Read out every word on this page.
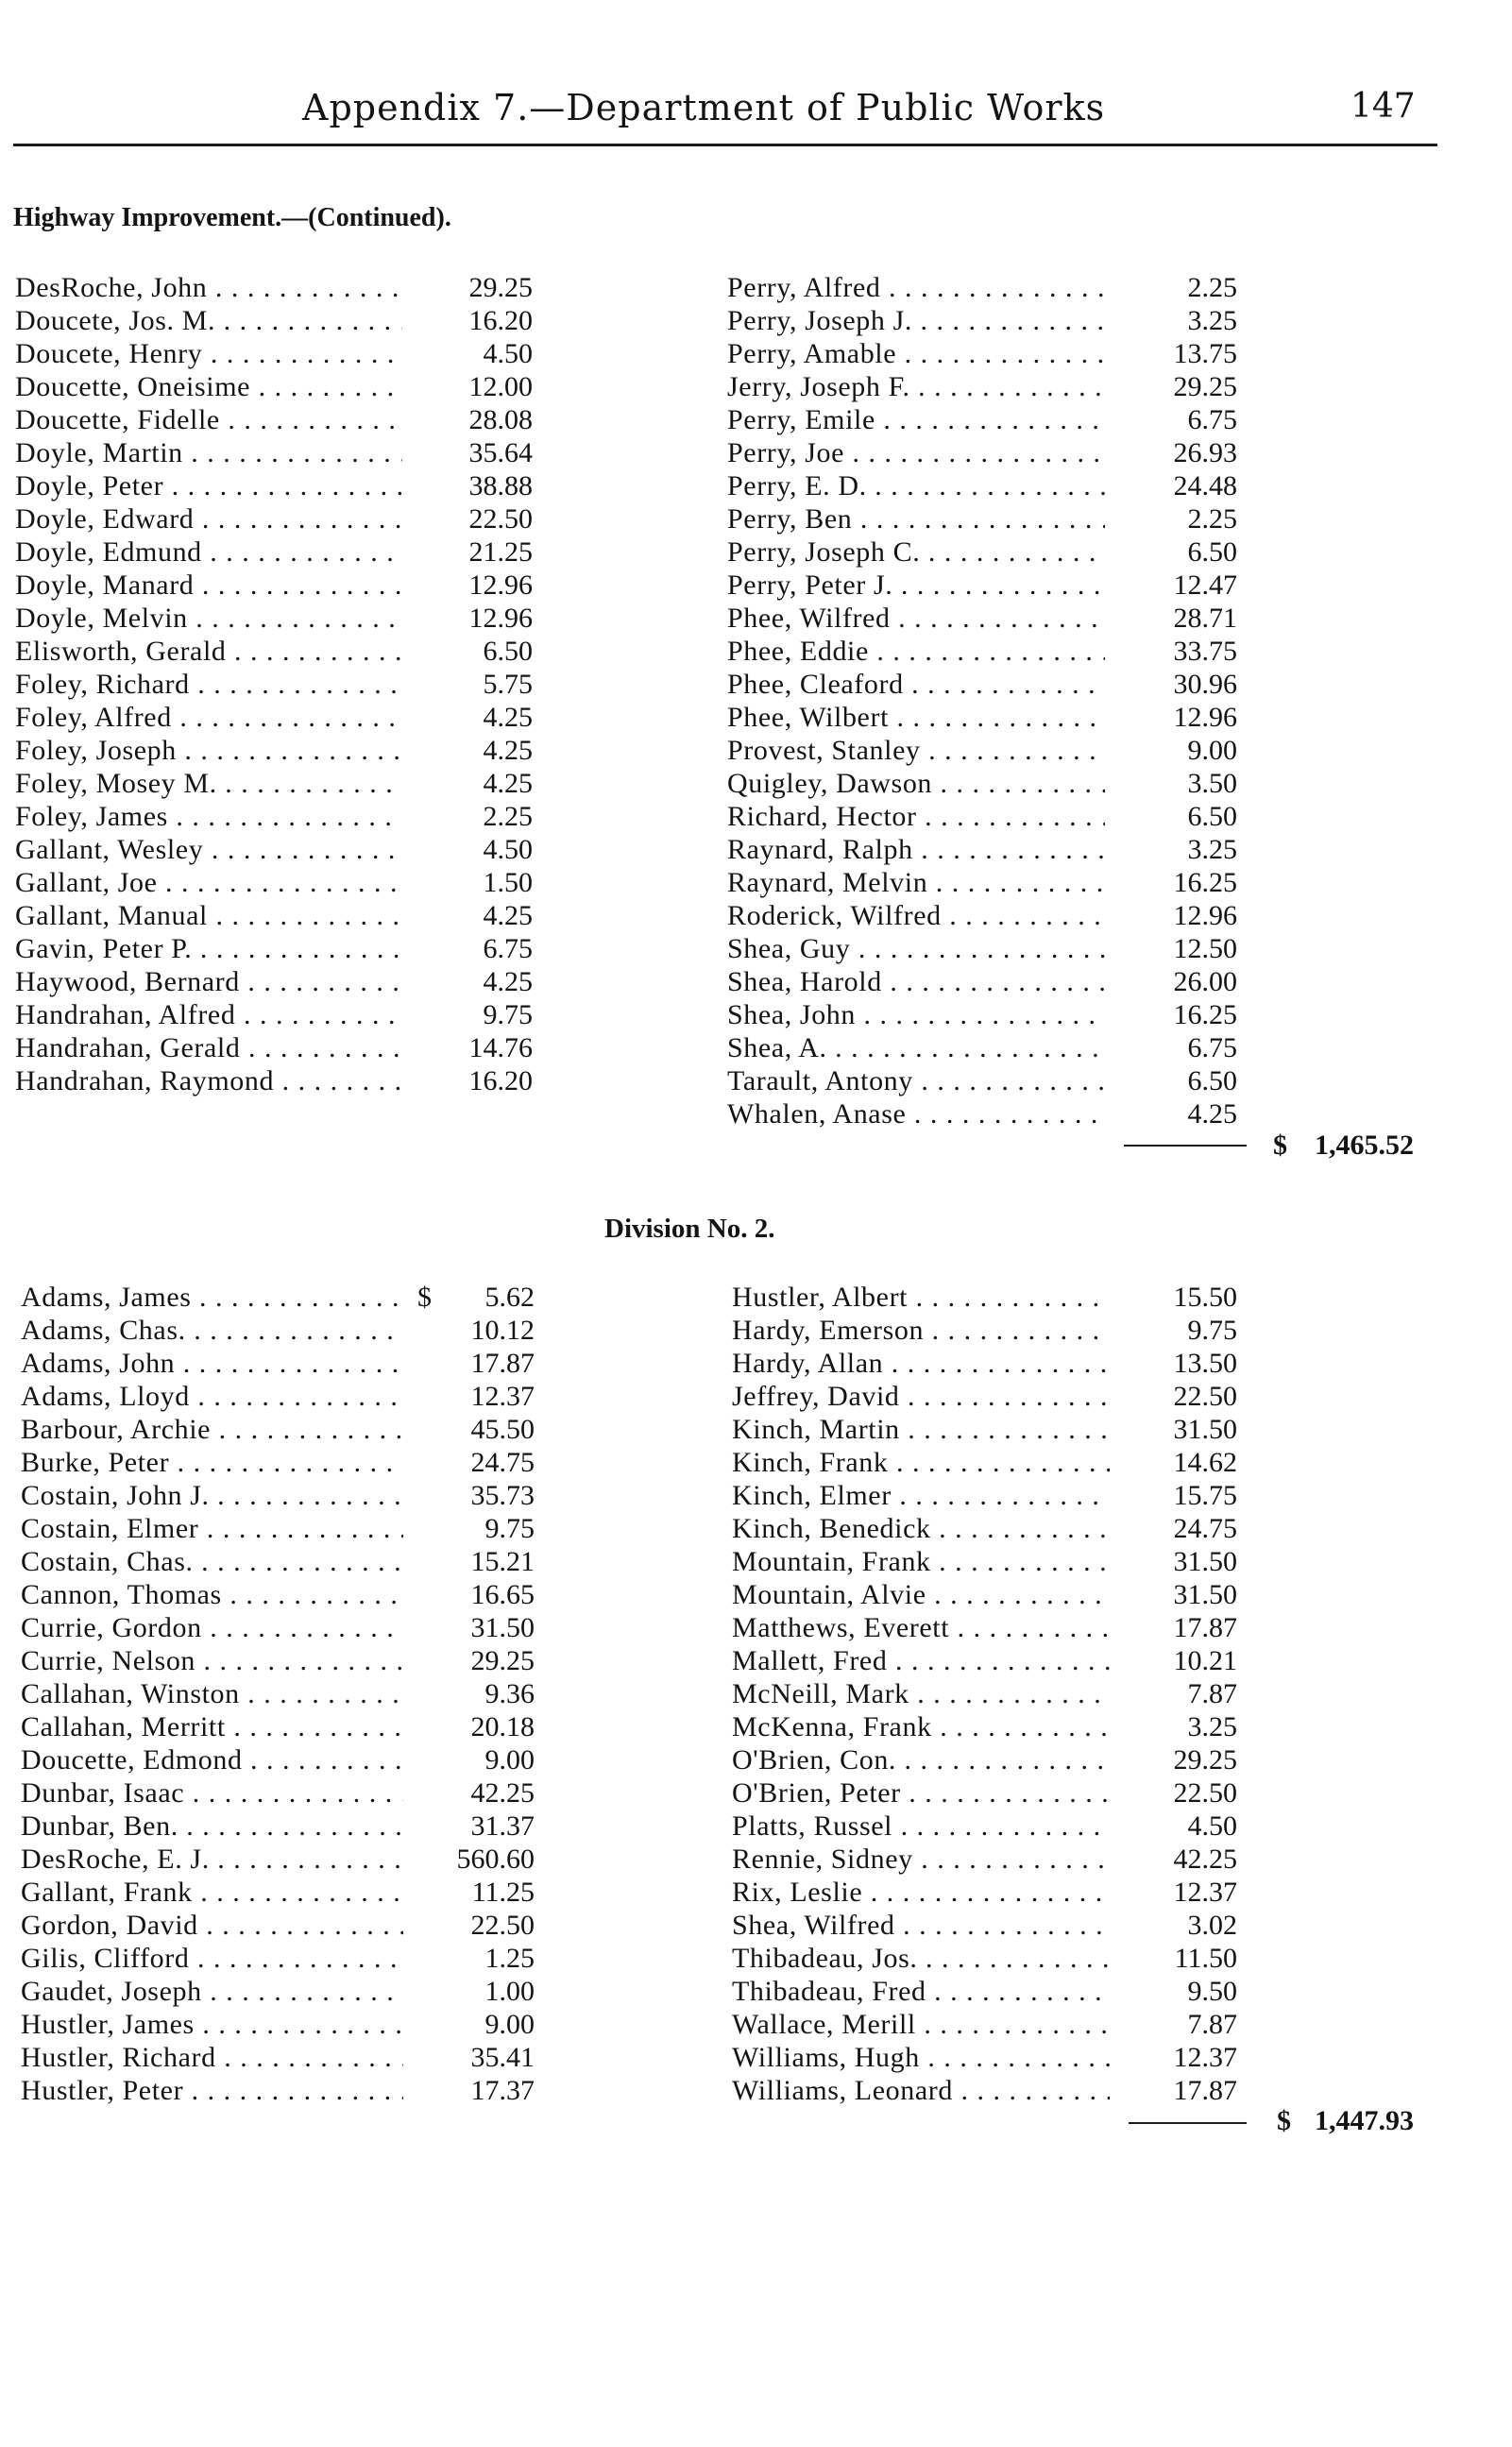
Appendix 7.—Department of Public Works	147
Highway Improvement.—(Continued).
DesRoche, John . . .	29.25
Doucete, Jos. M. . . .	16.20
Doucete, Henry . . .	4.50
Doucette, Oneisime . . .	12.00
Doucette, Fidelle . . .	28.08
Doyle, Martin . . .	35.64
Doyle, Peter . . .	38.88
Doyle, Edward . . .	22.50
Doyle, Edmund . . .	21.25
Doyle, Manard . . .	12.96
Doyle, Melvin . . .	12.96
Elisworth, Gerald . . .	6.50
Foley, Richard . . .	5.75
Foley, Alfred . . .	4.25
Foley, Joseph . . .	4.25
Foley, Mosey M. . . .	4.25
Foley, James . . .	2.25
Gallant, Wesley . . .	4.50
Gallant, Joe . . .	1.50
Gallant, Manual . . .	4.25
Gavin, Peter P. . . .	6.75
Haywood, Bernard . . .	4.25
Handrahan, Alfred . . .	9.75
Handrahan, Gerald . . .	14.76
Handrahan, Raymond . . .	16.20
Perry, Alfred . . .	2.25
Perry, Joseph J. . . .	3.25
Perry, Amable . . .	13.75
Jerry, Joseph F. . . .	29.25
Perry, Emile . . .	6.75
Perry, Joe . . .	26.93
Perry, E. D. . . .	24.48
Perry, Ben . . .	2.25
Perry, Joseph C. . . .	6.50
Perry, Peter J. . . .	12.47
Phee, Wilfred . . .	28.71
Phee, Eddie . . .	33.75
Phee, Cleaford . . .	30.96
Phee, Wilbert . . .	12.96
Provest, Stanley . . .	9.00
Quigley, Dawson . . .	3.50
Richard, Hector . . .	6.50
Raynard, Ralph . . .	3.25
Raynard, Melvin . . .	16.25
Roderick, Wilfred . . .	12.96
Shea, Guy . . .	12.50
Shea, Harold . . .	26.00
Shea, John . . .	16.25
Shea, A. . . .	6.75
Tarault, Antony . . .	6.50
Whalen, Anase . . .	4.25
$ 1,465.52
Division No. 2.
Adams, James . . .	$	5.62
Adams, Chas. . . .	10.12
Adams, John . . .	17.87
Adams, Lloyd . . .	12.37
Barbour, Archie . . .	45.50
Burke, Peter . . .	24.75
Costain, John J. . . .	35.73
Costain, Elmer . . .	9.75
Costain, Chas. . . .	15.21
Cannon, Thomas . . .	16.65
Currie, Gordon . . .	31.50
Currie, Nelson . . .	29.25
Callahan, Winston . . .	9.36
Callahan, Merritt . . .	20.18
Doucette, Edmond . . .	9.00
Dunbar, Isaac . . .	42.25
Dunbar, Ben. . . .	31.37
DesRoche, E. J. . . .	560.60
Gallant, Frank . . .	11.25
Gordon, David . . .	22.50
Gilis, Clifford . . .	1.25
Gaudet, Joseph . . .	1.00
Hustler, James . . .	9.00
Hustler, Richard . . .	35.41
Hustler, Peter . . .	17.37
Hustler, Albert . . .	15.50
Hardy, Emerson . . .	9.75
Hardy, Allan . . .	13.50
Jeffrey, David . . .	22.50
Kinch, Martin . . .	31.50
Kinch, Frank . . .	14.62
Kinch, Elmer . . .	15.75
Kinch, Benedick . . .	24.75
Mountain, Frank . . .	31.50
Mountain, Alvie . . .	31.50
Matthews, Everett . . .	17.87
Mallett, Fred . . .	10.21
McNeill, Mark . . .	7.87
McKenna, Frank . . .	3.25
O'Brien, Con. . . .	29.25
O'Brien, Peter . . .	22.50
Platts, Russel . . .	4.50
Rennie, Sidney . . .	42.25
Rix, Leslie . . .	12.37
Shea, Wilfred . . .	3.02
Thibadeau, Jos. . . .	11.50
Thibadeau, Fred . . .	9.50
Wallace, Merill . . .	7.87
Williams, Hugh . . .	12.37
Williams, Leonard . . .	17.87
$ 1,447.93
